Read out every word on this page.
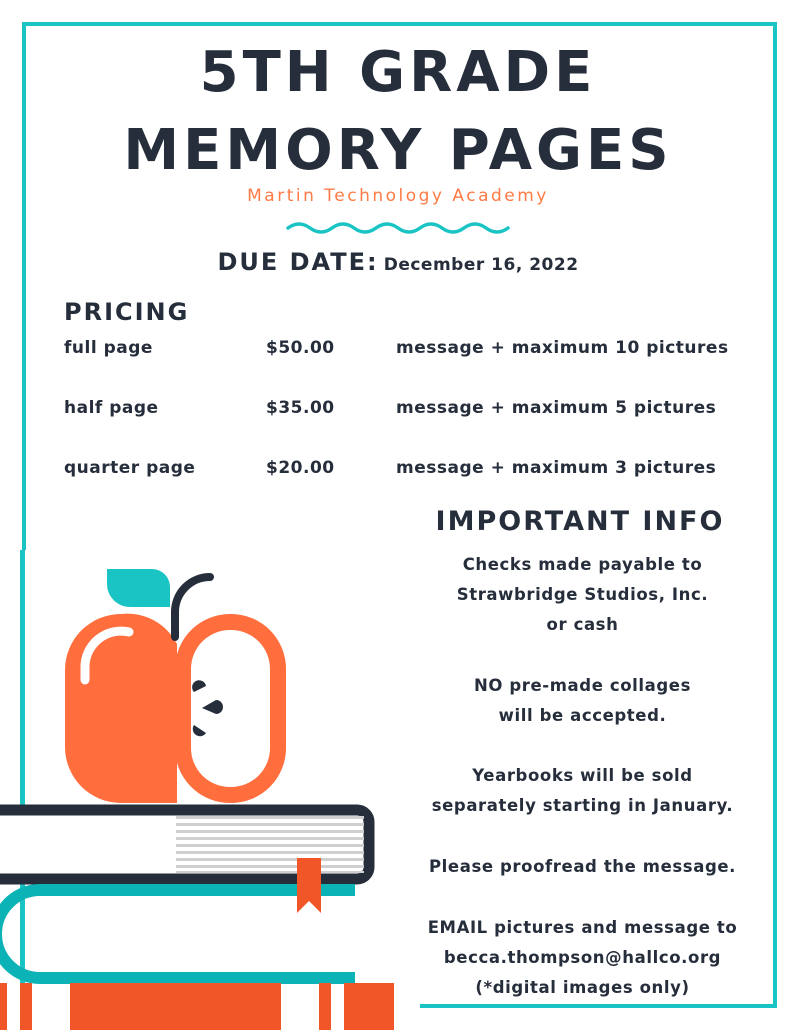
5TH GRADE
MEMORY PAGES
Martin Technology Academy
DUE DATE: December 16, 2022
PRICING
full page	$50.00	message + maximum 10 pictures
half page	$35.00	message + maximum 5 pictures
quarter page	$20.00	message + maximum 3 pictures
IMPORTANT INFO
Checks made payable to
Strawbridge Studios, Inc.
or cash
NO pre-made collages
will be accepted.
Yearbooks will be sold
separately starting in January.
Please proofread the message.
EMAIL pictures and message to
becca.thompson@hallco.org
(*digital images only)
